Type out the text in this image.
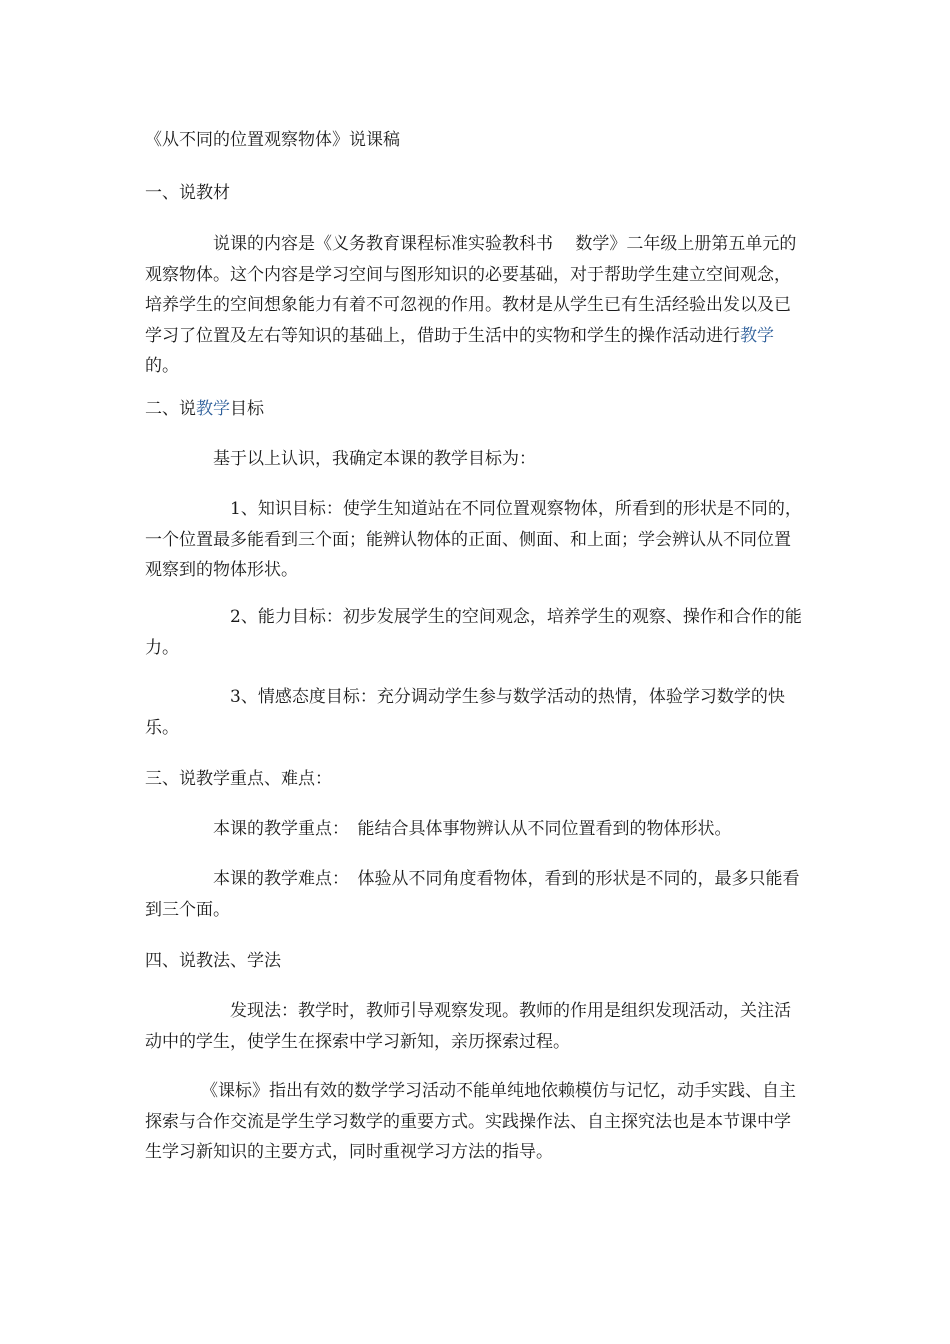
《从不同的位置观察物体》说课稿

一、说教材

说课的内容是《义务教育课程标准实验教科书　 数学》二年级上册第五单元的观察物体。这个内容是学习空间与图形知识的必要基础，对于帮助学生建立空间观念，培养学生的空间想象能力有着不可忽视的作用。教材是从学生已有生活经验出发以及已学习了位置及左右等知识的基础上，借助于生活中的实物和学生的操作活动进行教学的。

二、说教学目标

基于以上认识，我确定本课的教学目标为：

1、知识目标：使学生知道站在不同位置观察物体，所看到的形状是不同的，一个位置最多能看到三个面；能辨认物体的正面、侧面、和上面；学会辨认从不同位置观察到的物体形状。

2、能力目标：初步发展学生的空间观念，培养学生的观察、操作和合作的能力。

3、情感态度目标：充分调动学生参与数学活动的热情，体验学习数学的快乐。

三、说教学重点、难点：

本课的教学重点：　能结合具体事物辨认从不同位置看到的物体形状。

本课的教学难点：　体验从不同角度看物体，看到的形状是不同的，最多只能看到三个面。

四、说教法、学法

发现法：教学时，教师引导观察发现。教师的作用是组织发现活动，关注活动中的学生，使学生在探索中学习新知，亲历探索过程。

《课标》指出有效的数学学习活动不能单纯地依赖模仿与记忆，动手实践、自主探索与合作交流是学生学习数学的重要方式。实践操作法、自主探究法也是本节课中学生学习新知识的主要方式，同时重视学习方法的指导。
